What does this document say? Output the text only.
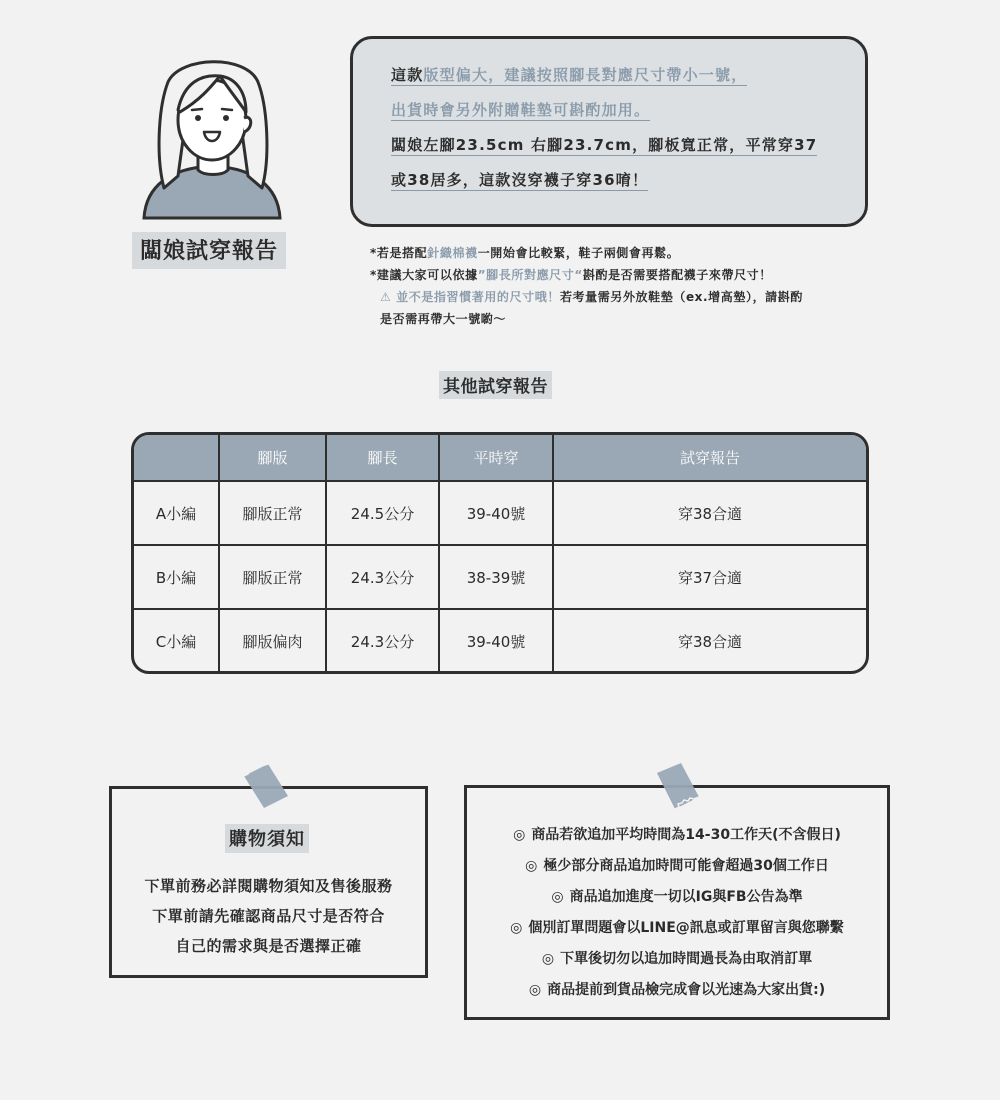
闆娘試穿報告
這款版型偏大，建議按照腳長對應尺寸帶小一號，
出貨時會另外附贈鞋墊可斟酌加用。
闆娘左腳23.5cm 右腳23.7cm，腳板寬正常，平常穿37
或38居多，這款沒穿襪子穿36唷！
*若是搭配針織棉襪一開始會比較緊，鞋子兩側會再鬆。
*建議大家可以依據”腳長所對應尺寸“斟酌是否需要搭配襪子來帶尺寸！
⚠ 並不是指習慣著用的尺寸哦！若考量需另外放鞋墊（ex.增高墊），請斟酌
是否需再帶大一號喲～
其他試穿報告
	腳版	腳長	平時穿	試穿報告
A小編	腳版正常	24.5公分	39-40號	穿38合適
B小編	腳版正常	24.3公分	38-39號	穿37合適
C小編	腳版偏肉	24.3公分	39-40號	穿38合適
購物須知
下單前務必詳閱購物須知及售後服務
下單前請先確認商品尺寸是否符合
自己的需求與是否選擇正確
◎ 商品若欲追加平均時間為14-30工作天(不含假日)
◎ 極少部分商品追加時間可能會超過30個工作日
◎ 商品追加進度一切以IG與FB公告為準
◎ 個別訂單問題會以LINE@訊息或訂單留言與您聯繫
◎ 下單後切勿以追加時間過長為由取消訂單
◎ 商品提前到貨品檢完成會以光速為大家出貨:)
